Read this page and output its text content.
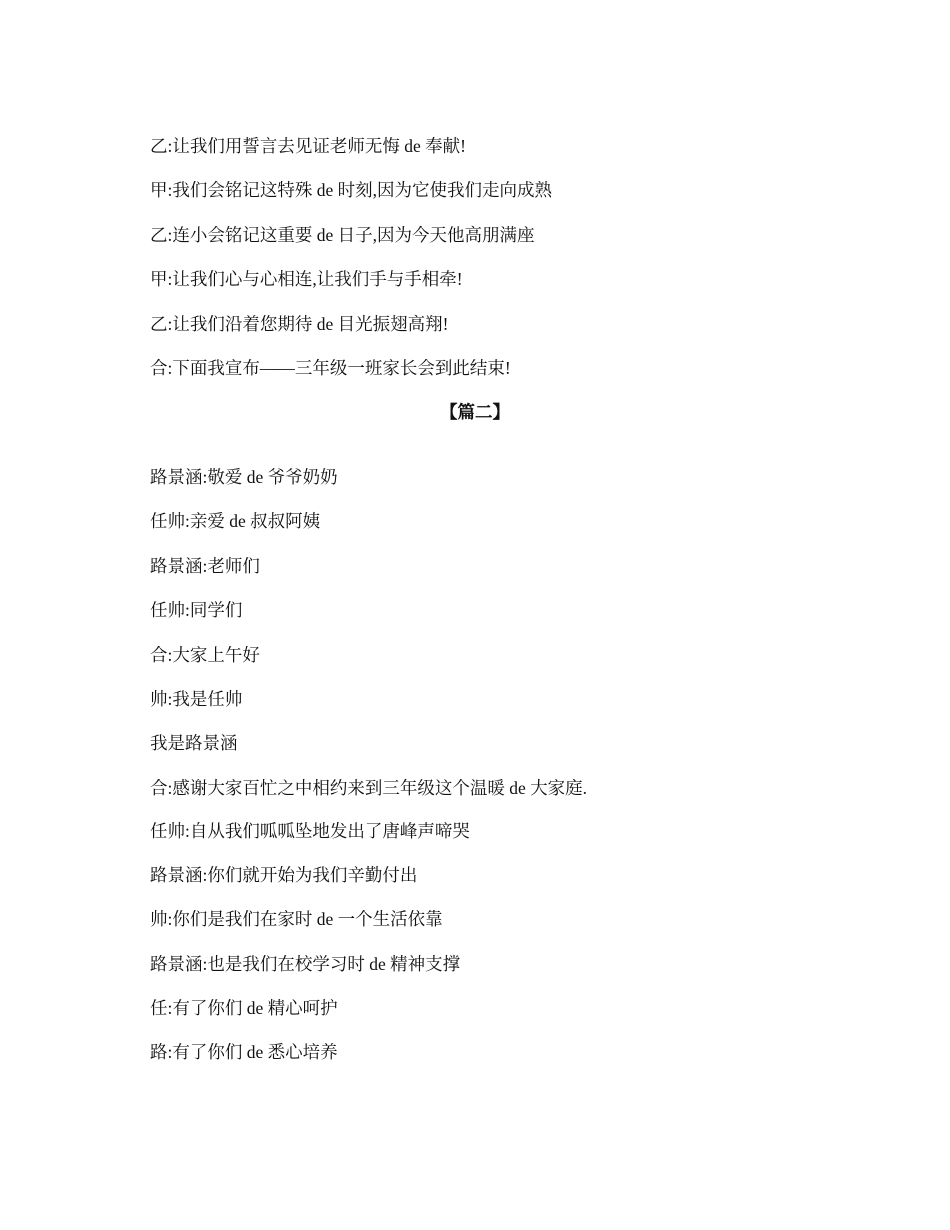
乙:让我们用誓言去见证老师无悔 de 奉献!
甲:我们会铭记这特殊 de 时刻,因为它使我们走向成熟
乙:连小会铭记这重要 de 日子,因为今天他高朋满座
甲:让我们心与心相连,让我们手与手相牵!
乙:让我们沿着您期待 de 目光振翅高翔!
合:下面我宣布——三年级一班家长会到此结束!
【篇二】
路景涵:敬爱 de 爷爷奶奶
任帅:亲爱 de 叔叔阿姨
路景涵:老师们
任帅:同学们
合:大家上午好
帅:我是任帅
我是路景涵
合:感谢大家百忙之中相约来到三年级这个温暖 de 大家庭.
任帅:自从我们呱呱坠地发出了唐峰声啼哭
路景涵:你们就开始为我们辛勤付出
帅:你们是我们在家时 de 一个生活依靠
路景涵:也是我们在校学习时 de 精神支撑
任:有了你们 de 精心呵护
路:有了你们 de 悉心培养
